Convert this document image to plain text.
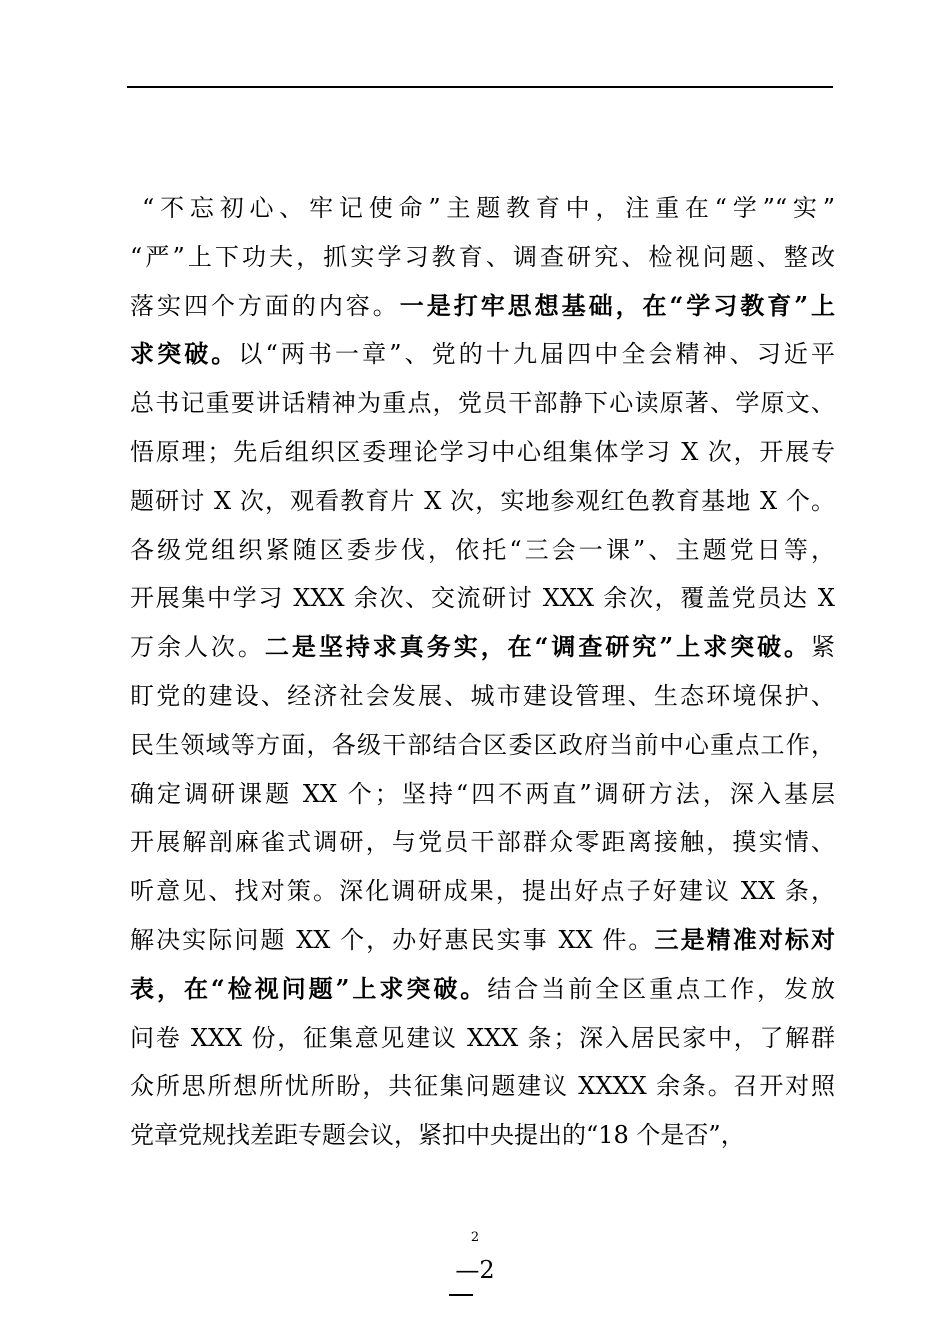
“不忘初心、牢记使命”主题教育中，注重在“学”“实”
“严”上下功夫，抓实学习教育、调查研究、检视问题、整改
落实四个方面的内容。一是打牢思想基础，在“学习教育”上
求突破。以“两书一章”、党的十九届四中全会精神、习近平
总书记重要讲话精神为重点，党员干部静下心读原著、学原文、
悟原理；先后组织区委理论学习中心组集体学习 X 次，开展专
题研讨 X 次，观看教育片 X 次，实地参观红色教育基地 X 个。
各级党组织紧随区委步伐，依托“三会一课”、主题党日等，
开展集中学习 XXX 余次、交流研讨 XXX 余次，覆盖党员达 X
万余人次。二是坚持求真务实，在“调查研究”上求突破。紧
盯党的建设、经济社会发展、城市建设管理、生态环境保护、
民生领域等方面，各级干部结合区委区政府当前中心重点工作，
确定调研课题 XX 个；坚持“四不两直”调研方法，深入基层
开展解剖麻雀式调研，与党员干部群众零距离接触，摸实情、
听意见、找对策。深化调研成果，提出好点子好建议 XX 条，
解决实际问题 XX 个，办好惠民实事 XX 件。三是精准对标对
表，在“检视问题”上求突破。结合当前全区重点工作，发放
问卷 XXX 份，征集意见建议 XXX 条；深入居民家中，了解群
众所思所想所忧所盼，共征集问题建议 XXXX 余条。召开对照
党章党规找差距专题会议，紧扣中央提出的“18 个是否”，
2
—2
